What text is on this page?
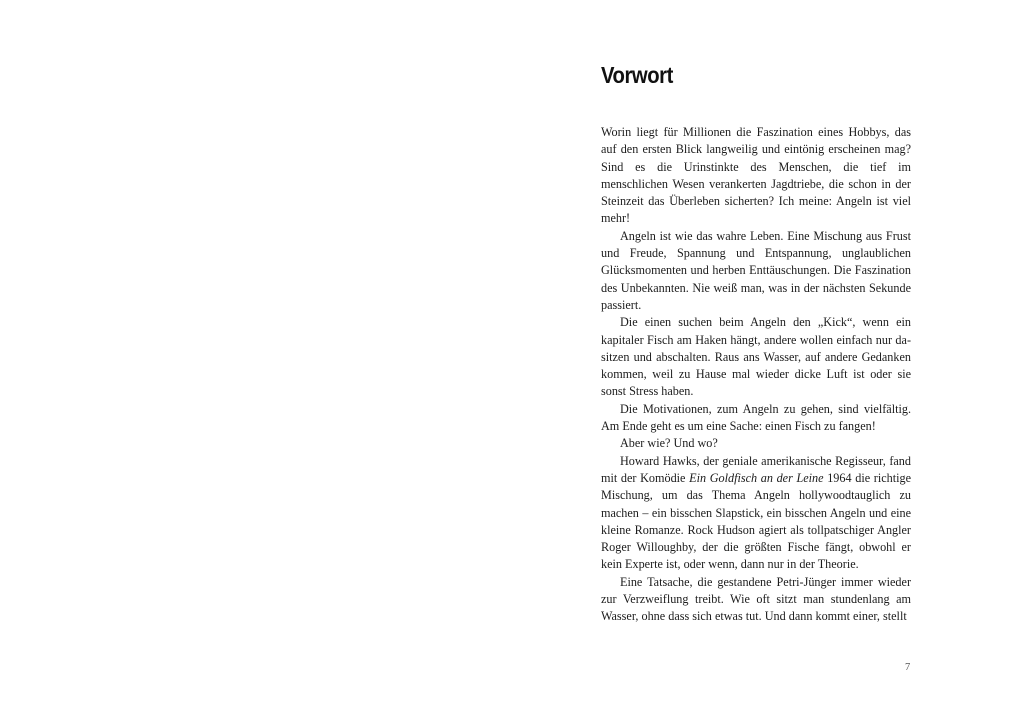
Vorwort

Worin liegt für Millionen die Faszination eines Hobbys, das auf den ersten Blick langweilig und eintönig erscheinen mag? Sind es die Urinstinkte des Menschen, die tief im menschlichen Wesen verankerten Jagdtriebe, die schon in der Steinzeit das Überleben sicherten? Ich meine: Angeln ist viel mehr!

Angeln ist wie das wahre Leben. Eine Mischung aus Frust und Freude, Spannung und Entspannung, unglaublichen Glücksmomenten und herben Enttäuschungen. Die Faszination des Unbekannten. Nie weiß man, was in der nächsten Sekunde passiert.

Die einen suchen beim Angeln den „Kick“, wenn ein kapitaler Fisch am Haken hängt, andere wollen einfach nur dasitzen und abschalten. Raus ans Wasser, auf andere Gedanken kommen, weil zu Hause mal wieder dicke Luft ist oder sie sonst Stress haben.

Die Motivationen, zum Angeln zu gehen, sind vielfältig. Am Ende geht es um eine Sache: einen Fisch zu fangen!

Aber wie? Und wo?

Howard Hawks, der geniale amerikanische Regisseur, fand mit der Komödie Ein Goldfisch an der Leine 1964 die richtige Mischung, um das Thema Angeln hollywoodtauglich zu machen – ein bisschen Slapstick, ein bisschen Angeln und eine kleine Romanze. Rock Hudson agiert als tollpatschiger Angler Roger Willoughby, der die größten Fische fängt, obwohl er kein Experte ist, oder wenn, dann nur in der Theorie.

Eine Tatsache, die gestandene Petri-Jünger immer wieder zur Verzweiflung treibt. Wie oft sitzt man stundenlang am Wasser, ohne dass sich etwas tut. Und dann kommt einer, stellt

7
